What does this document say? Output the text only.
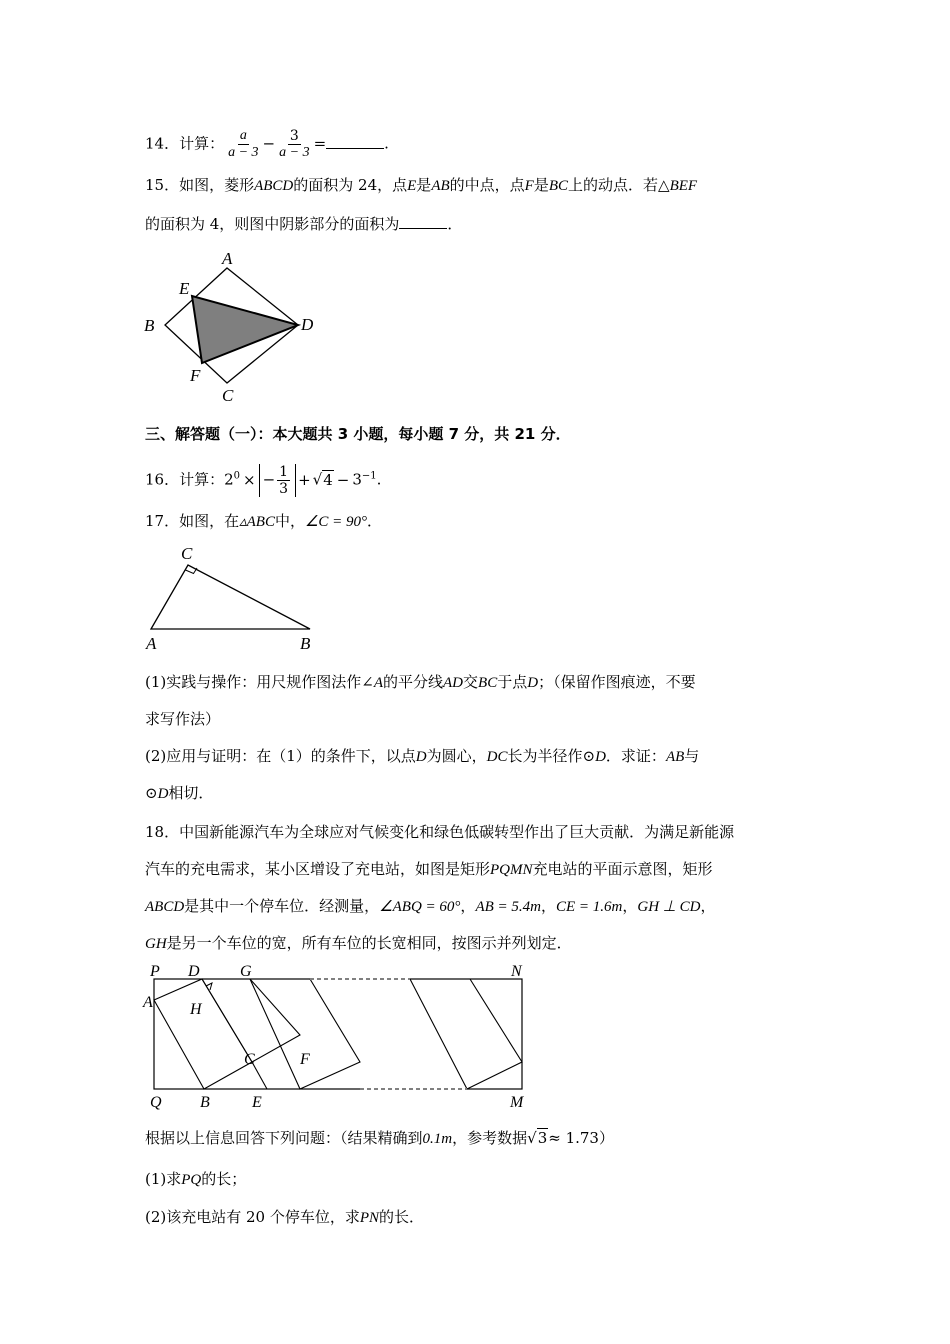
14．计算： $\frac{a}{a - 3} - \frac{3}{a - 3}$ =	.
15．如图，菱形ABCD的面积为 24，点E是AB的中点，点F是BC上的动点．若△BEF
的面积为 4，则图中阴影部分的面积为	．
A
B
C
D
E
F
三、解答题（一）：本大题共 3 小题，每小题 7 分，共 21 分．
16．计算：$2^0$ × − $\frac{1}{3} + √4 - 3^{-1}$.
17．如图，在▵ABC中，∠C = 90°．
C
A	B
(1)实践与操作：用尺规作图法作∠A的平分线AD交BC于点D；（保留作图痕迹，不要
求写作法）
(2)应用与证明：在（1）的条件下，以点D为圆心，DC长为半径作⊙D．求证：AB与
⊙D相切．
18．中国新能源汽车为全球应对气候变化和绿色低碳转型作出了巨大贡献．为满足新能源
汽车的充电需求，某小区增设了充电站，如图是矩形PQMN充电站的平面示意图，矩形
ABCD是其中一个停车位．经测量，∠ABQ = 60°，AB = 5.4m，CE = 1.6m，GH ⊥ CD，
GH是另一个车位的宽，所有车位的长宽相同，按图示并列划定．
P D	G	N
A H
C	F
Q B	E	M
根据以上信息回答下列问题：（结果精确到0.1m，参考数据√3≈ 1.73）
(1)求PQ的长；
(2)该充电站有 20 个停车位，求PN的长．
